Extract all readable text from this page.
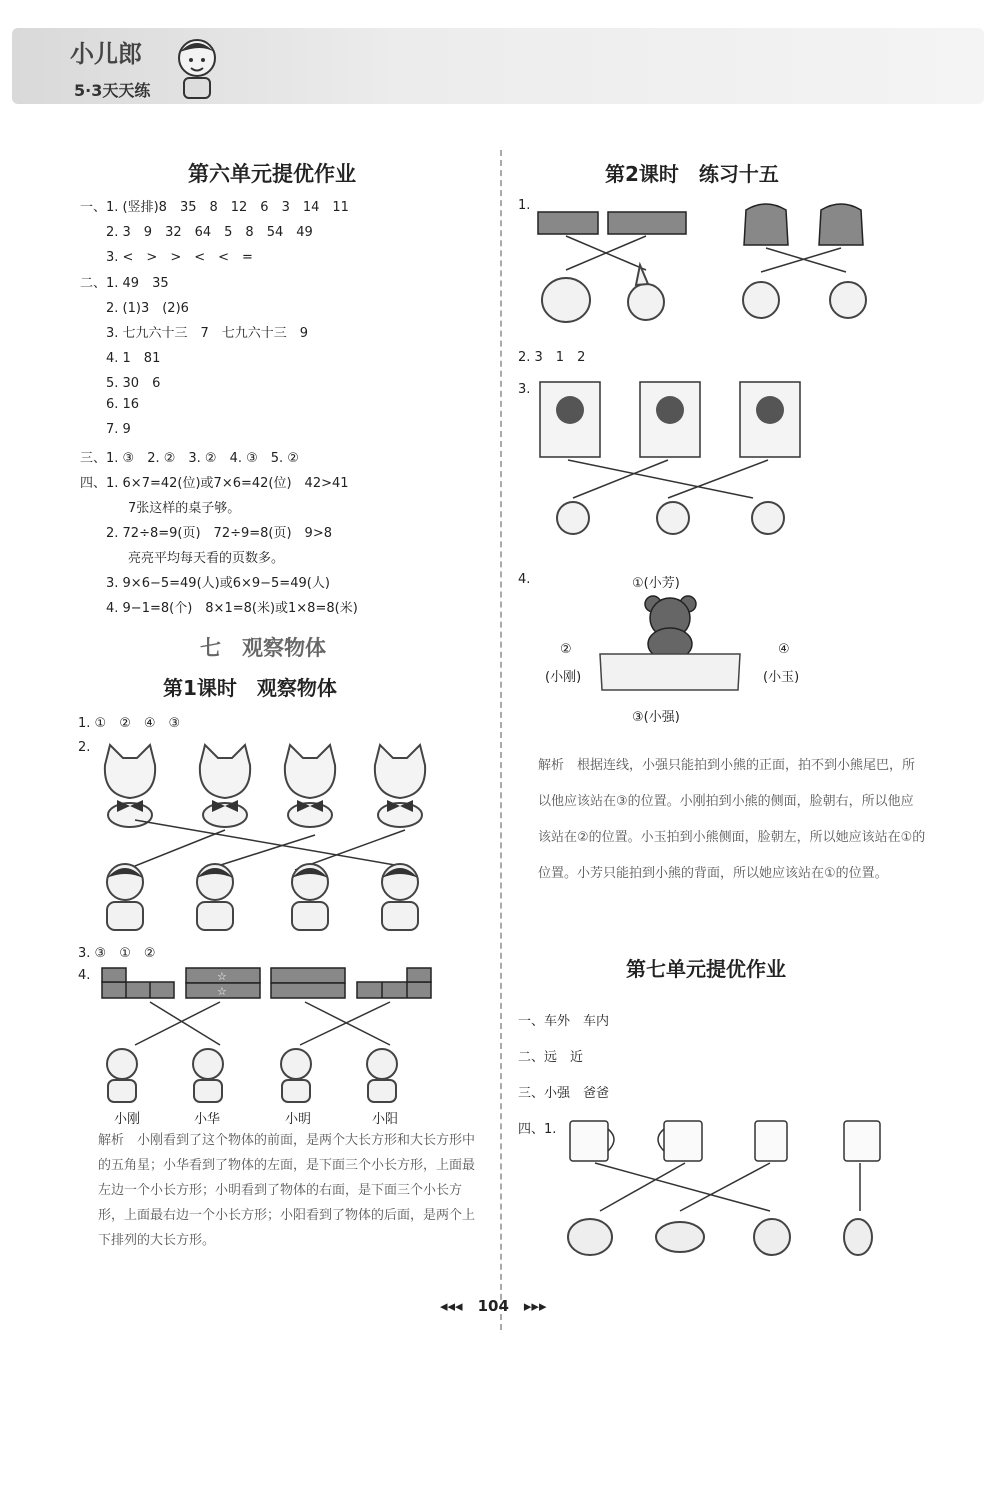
小儿郎
5·3天天练
第六单元提优作业
一、1. (竖排)8　35　8　12　6　3　14　11
2. 3　9　32　64　5　8　54　49
3. <　>　>　<　<　=
二、1. 49　35
2. (1)3　(2)6
3. 七九六十三　7　七九六十三　9
4. 1　81
5. 30　6
6. 16
7. 9
三、1. ③　2. ②　3. ②　4. ③　5. ②
四、1. 6×7=42(位)或7×6=42(位)　42>41
7张这样的桌子够。
2. 72÷8=9(页)　72÷9=8(页)　9>8
亮亮平均每天看的页数多。
3. 9×6−5=49(人)或6×9−5=49(人)
4. 9−1=8(个)　8×1=8(米)或1×8=8(米)
七　观察物体
第1课时　观察物体
1. ①　②　④　③
2.
3. ③　①　②
4.	☆
☆
小刚	小华	小明	小阳
解析　小刚看到了这个物体的前面，是两个大长方形和大长方形中的五角星；小华看到了物体的左面，是下面三个小长方形，上面最左边一个小长方形；小明看到了物体的右面，是下面三个小长方形，上面最右边一个小长方形；小阳看到了物体的后面，是两个上下排列的大长方形。
第2课时　练习十五
1.
2. 3　1　2
3.
4.	①(小芳)
②
(小刚)
④
(小玉)
③(小强)
解析　根据连线，小强只能拍到小熊的正面，拍不到小熊尾巴，所以他应该站在③的位置。小刚拍到小熊的侧面，脸朝右，所以他应该站在②的位置。小玉拍到小熊侧面，脸朝左，所以她应该站在①的位置。小芳只能拍到小熊的背面，所以她应该站在①的位置。
第七单元提优作业
一、车外　车内
二、远　近
三、小强　爸爸
四、1.
◂◂◂　104　▸▸▸
